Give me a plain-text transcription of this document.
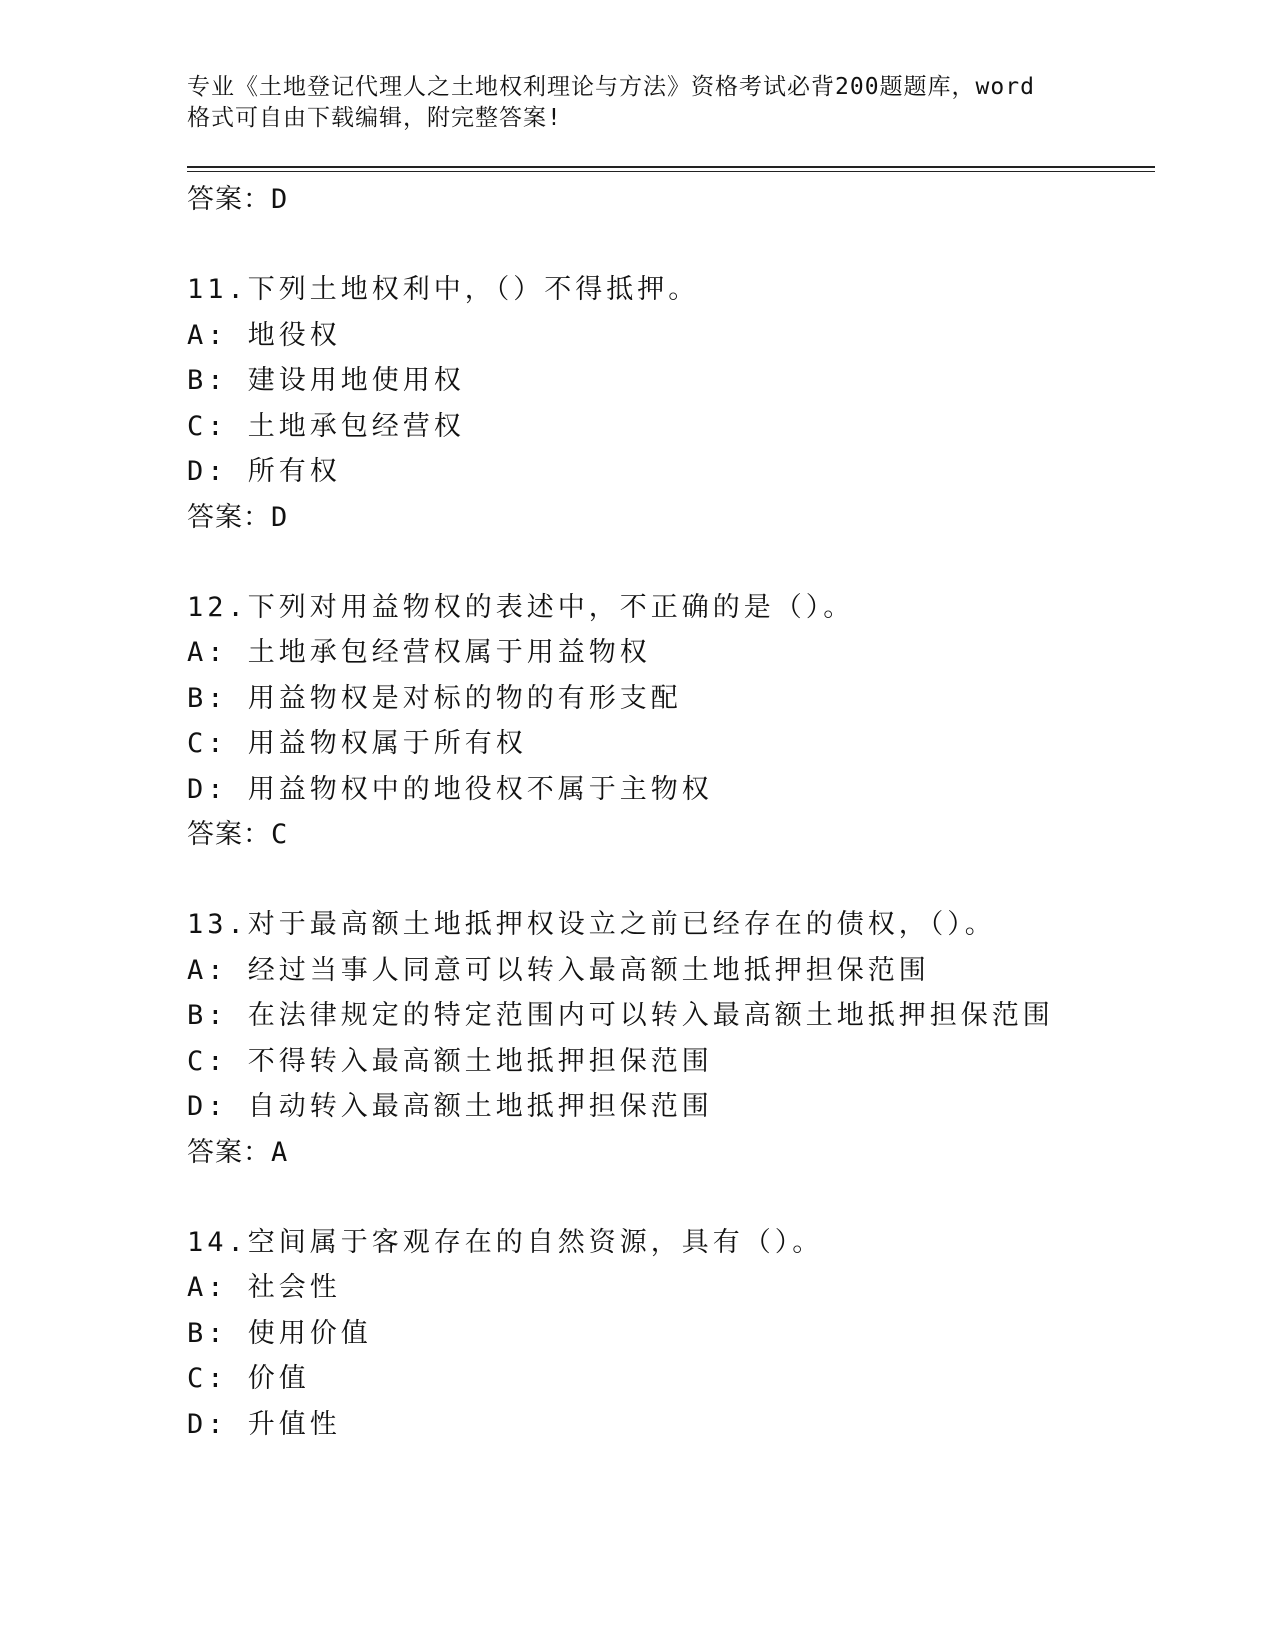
专业《土地登记代理人之土地权利理论与方法》资格考试必背200题题库，word
格式可自由下载编辑，附完整答案!
答案：D
11.下列土地权利中，（）不得抵押。
A: 地役权
B: 建设用地使用权
C: 土地承包经营权
D: 所有权
答案：D
12.下列对用益物权的表述中，不正确的是（）。
A: 土地承包经营权属于用益物权
B: 用益物权是对标的物的有形支配
C: 用益物权属于所有权
D: 用益物权中的地役权不属于主物权
答案：C
13.对于最高额土地抵押权设立之前已经存在的债权，（）。
A: 经过当事人同意可以转入最高额土地抵押担保范围
B: 在法律规定的特定范围内可以转入最高额土地抵押担保范围
C: 不得转入最高额土地抵押担保范围
D: 自动转入最高额土地抵押担保范围
答案：A
14.空间属于客观存在的自然资源，具有（）。
A: 社会性
B: 使用价值
C: 价值
D: 升值性
